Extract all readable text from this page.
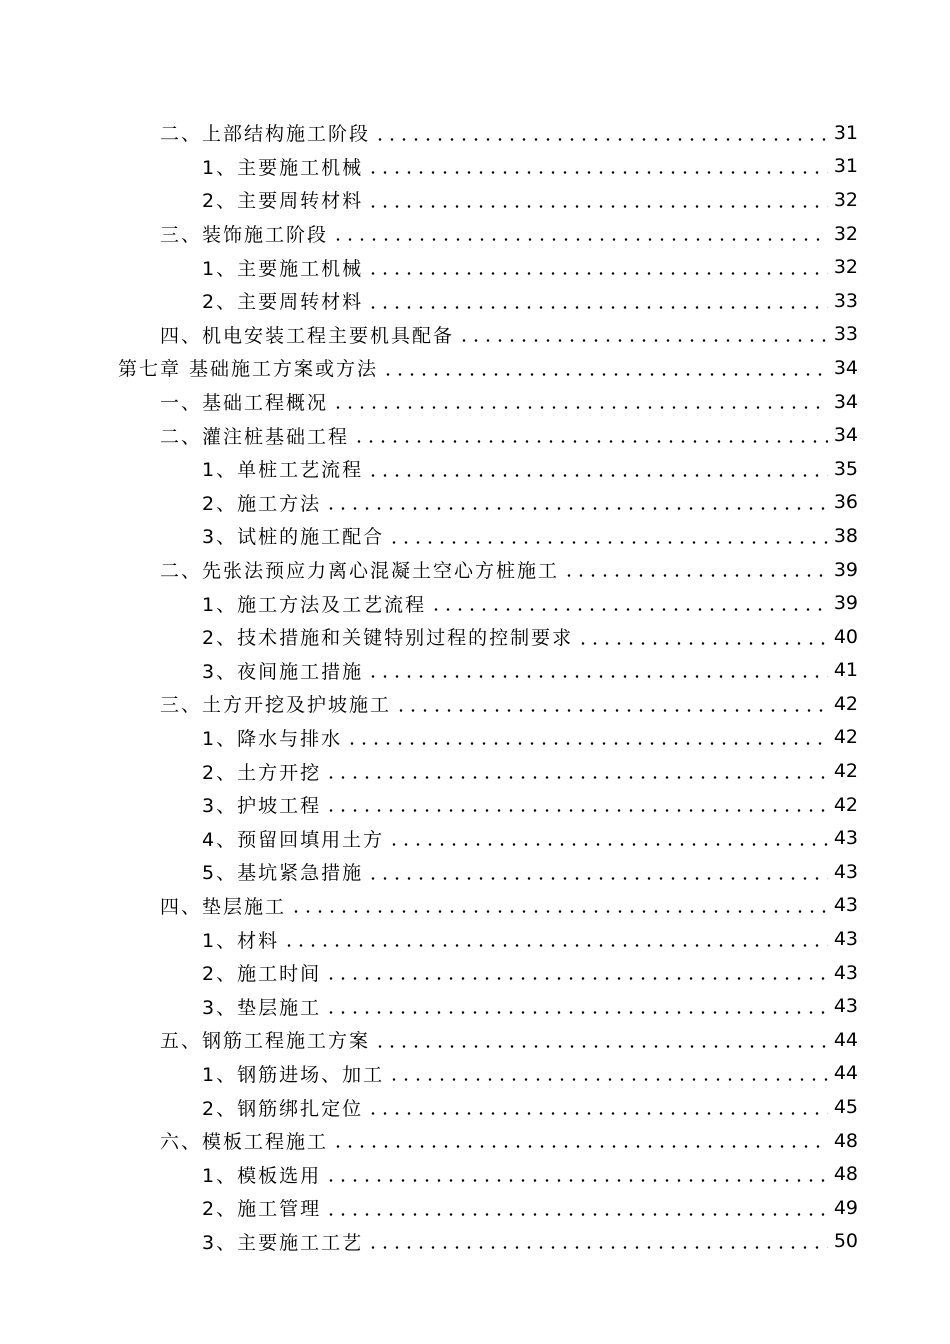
二、上部结构施工阶段	31
1、主要施工机械	31
2、主要周转材料	32
三、装饰施工阶段	32
1、主要施工机械	32
2、主要周转材料	33
四、机电安装工程主要机具配备	33
第七章 基础施工方案或方法	34
一、基础工程概况	34
二、灌注桩基础工程	34
1、单桩工艺流程	35
2、施工方法	36
3、试桩的施工配合	38
二、先张法预应力离心混凝土空心方桩施工	39
1、施工方法及工艺流程	39
2、技术措施和关键特别过程的控制要求	40
3、夜间施工措施	41
三、土方开挖及护坡施工	42
1、降水与排水	42
2、土方开挖	42
3、护坡工程	42
4、预留回填用土方	43
5、基坑紧急措施	43
四、垫层施工	43
1、材料	43
2、施工时间	43
3、垫层施工	43
五、钢筋工程施工方案	44
1、钢筋进场、加工	44
2、钢筋绑扎定位	45
六、模板工程施工	48
1、模板选用	48
2、施工管理	49
3、主要施工工艺	50
